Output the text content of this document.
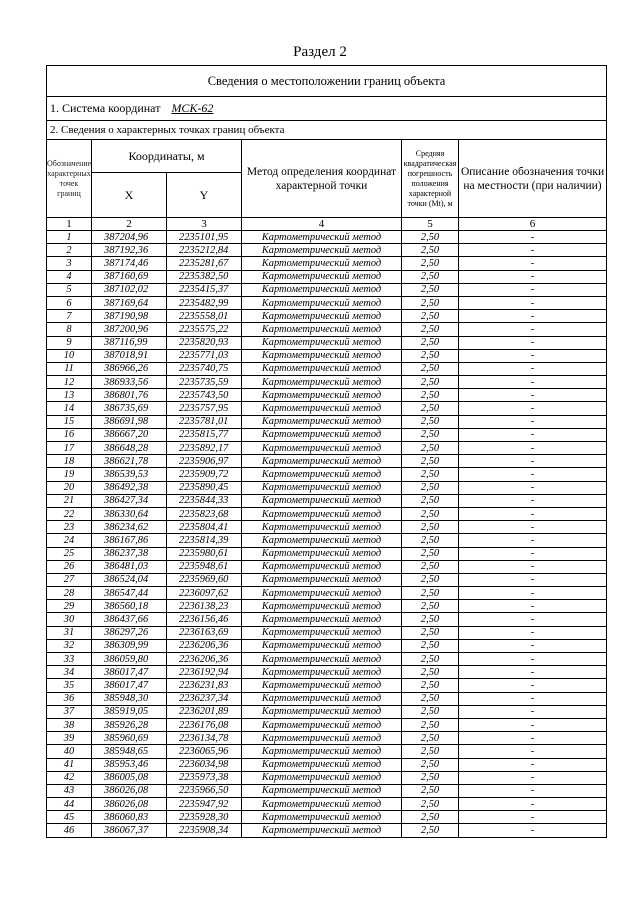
Раздел 2
Сведения о местоположении границ объекта					
1. Система координат МСК-62					
2. Сведения о характерных точках границ объекта					
Обозначение характерных точек границ	Координаты, м		Метод определения координат характерной точки	Средняя квадратическая погрешность положения характерной точки (Mt), м	Описание обозначения точки на местности (при наличии)
	X	Y			
1	2	3	4	5	6
1	387204,96	2235101,95	Картометрический метод	2,50	-
2	387192,36	2235212,84	Картометрический метод	2,50	-
3	387174,46	2235281,67	Картометрический метод	2,50	-
4	387160,69	2235382,50	Картометрический метод	2,50	-
5	387102,02	2235415,37	Картометрический метод	2,50	-
6	387169,64	2235482,99	Картометрический метод	2,50	-
7	387190,98	2235558,01	Картометрический метод	2,50	-
8	387200,96	2235575,22	Картометрический метод	2,50	-
9	387116,99	2235820,93	Картометрический метод	2,50	-
10	387018,91	2235771,03	Картометрический метод	2,50	-
11	386966,26	2235740,75	Картометрический метод	2,50	-
12	386933,56	2235735,59	Картометрический метод	2,50	-
13	386801,76	2235743,50	Картометрический метод	2,50	-
14	386735,69	2235757,95	Картометрический метод	2,50	-
15	386691,98	2235781,01	Картометрический метод	2,50	-
16	386667,20	2235815,77	Картометрический метод	2,50	-
17	386648,28	2235892,17	Картометрический метод	2,50	-
18	386621,78	2235906,97	Картометрический метод	2,50	-
19	386539,53	2235909,72	Картометрический метод	2,50	-
20	386492,38	2235890,45	Картометрический метод	2,50	-
21	386427,34	2235844,33	Картометрический метод	2,50	-
22	386330,64	2235823,68	Картометрический метод	2,50	-
23	386234,62	2235804,41	Картометрический метод	2,50	-
24	386167,86	2235814,39	Картометрический метод	2,50	-
25	386237,38	2235980,61	Картометрический метод	2,50	-
26	386481,03	2235948,61	Картометрический метод	2,50	-
27	386524,04	2235969,60	Картометрический метод	2,50	-
28	386547,44	2236097,62	Картометрический метод	2,50	-
29	386560,18	2236138,23	Картометрический метод	2,50	-
30	386437,66	2236156,46	Картометрический метод	2,50	-
31	386297,26	2236163,69	Картометрический метод	2,50	-
32	386309,99	2236206,36	Картометрический метод	2,50	-
33	386059,80	2236206,36	Картометрический метод	2,50	-
34	386017,47	2236192,94	Картометрический метод	2,50	-
35	386017,47	2236231,83	Картометрический метод	2,50	-
36	385948,30	2236237,34	Картометрический метод	2,50	-
37	385919,05	2236201,89	Картометрический метод	2,50	-
38	385926,28	2236176,08	Картометрический метод	2,50	-
39	385960,69	2236134,78	Картометрический метод	2,50	-
40	385948,65	2236065,96	Картометрический метод	2,50	-
41	385953,46	2236034,98	Картометрический метод	2,50	-
42	386005,08	2235973,38	Картометрический метод	2,50	-
43	386026,08	2235966,50	Картометрический метод	2,50	-
44	386026,08	2235947,92	Картометрический метод	2,50	-
45	386060,83	2235928,30	Картометрический метод	2,50	-
46	386067,37	2235908,34	Картометрический метод	2,50	-
